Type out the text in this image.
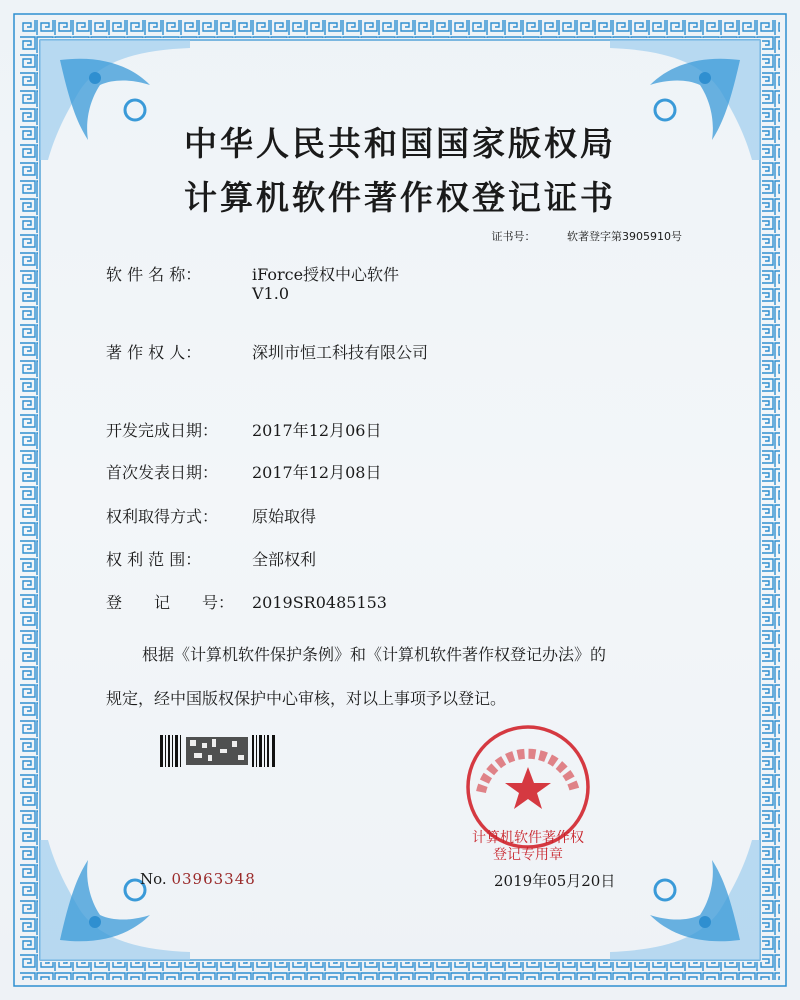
中华人民共和国国家版权局
计算机软件著作权登记证书
证书号：	软著登字第3905910号
软 件 名 称：	iForce授权中心软件
V1.0
著 作 权 人：	深圳市恒工科技有限公司
开发完成日期： 2017年12月06日
首次发表日期： 2017年12月08日
权利取得方式： 原始取得
权 利 范 围：	全部权利
登　　记　　号： 2019SR0485153
根据《计算机软件保护条例》和《计算机软件著作权登记办法》的
规定，经中国版权保护中心审核，对以上事项予以登记。
计算机软件著作权
登记专用章
No. 03963348	2019年05月20日
